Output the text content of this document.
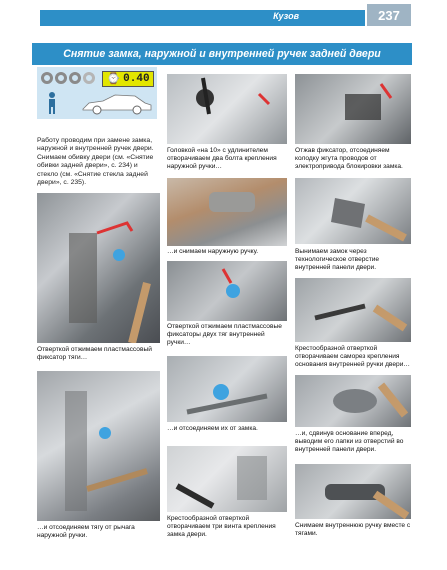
Кузов	237
Снятие замка, наружной и внутренней ручек задней двери
⌚ 0.40
Работу проводим при замене замка, наружной и внутренней ручек двери. Снимаем обивку двери (см. «Снятие обивки задней двери», с. 234) и стекло (см. «Снятие стекла задней двери», с. 235).
Отверткой отжимаем пластмассовый фиксатор тяги…
…и отсоединяем тягу от рычага наружной ручки.
Головкой «на 10» с удлинителем отворачиваем два болта крепления наружной ручки…
…и снимаем наружную ручку.
Отверткой отжимаем пластмассовые фиксаторы двух тяг внутренней ручки…
…и отсоединяем их от замка.
Крестообразной отверткой отворачиваем три винта крепления замка двери.
Отжав фиксатор, отсоединяем колодку жгута проводов от электропривода блокировки замка.
Вынимаем замок через технологическое отверстие внутренней панели двери.
Крестообразной отверткой отворачиваем саморез крепления основания внутренней ручки двери…
…и, сдвинув основание вперед, выводим его лапки из отверстий во внутренней панели двери.
Снимаем внутреннюю ручку вместе с тягами.
